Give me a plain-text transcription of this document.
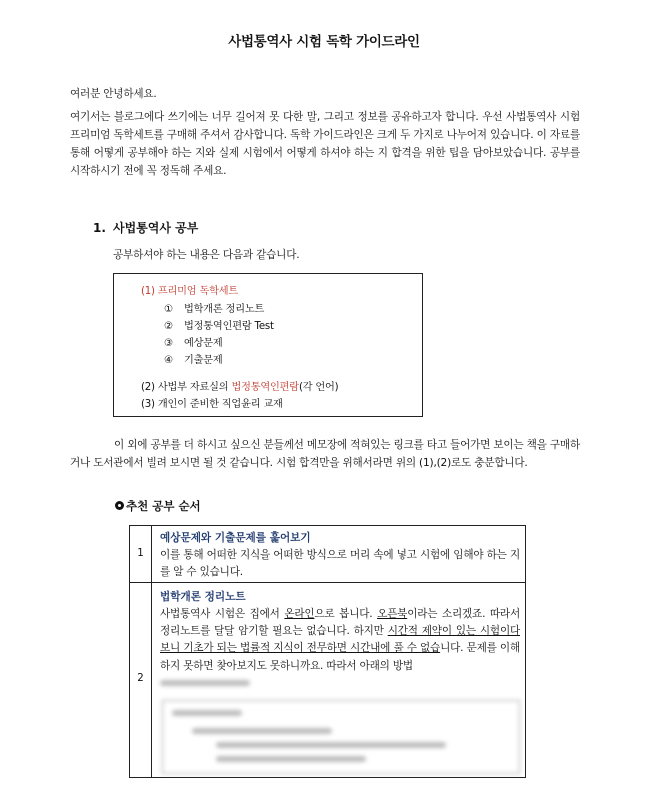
사법통역사 시험 독학 가이드라인
여러분 안녕하세요.
여기서는 블로그에다 쓰기에는 너무 길어져 못 다한 말, 그리고 정보를 공유하고자 합니다. 우선 사법통역사 시험 프리미엄 독학세트를 구매해 주셔서 감사합니다. 독학 가이드라인은 크게 두 가지로 나누어져 있습니다. 이 자료를 통해 어떻게 공부해야 하는 지와 실제 시험에서 어떻게 하셔야 하는 지 합격을 위한 팁을 담아보았습니다. 공부를 시작하시기 전에 꼭 정독해 주세요.
1. 사법통역사 공부
공부하셔야 하는 내용은 다음과 같습니다.
(1) 프리미엄 독학세트
① 법학개론 정리노트
② 법정통역인편람 Test
③ 예상문제
④ 기출문제
(2) 사법부 자료실의 법정통역인편람(각 언어)
(3) 개인이 준비한 직업윤리 교재
이 외에 공부를 더 하시고 싶으신 분들께선 메모장에 적혀있는 링크를 타고 들어가면 보이는 책을 구매하거나 도서관에서 빌려 보시면 될 것 같습니다. 시험 합격만을 위해서라면 위의 (1),(2)로도 충분합니다.
추천 공부 순서
1
예상문제와 기출문제를 훑어보기
이를 통해 어떠한 지식을 어떠한 방식으로 머리 속에 넣고 시험에 임해야 하는 지를 알 수 있습니다.
2
법학개론 정리노트
사법통역사 시험은 집에서 온라인으로 봅니다. 오픈북이라는 소리겠죠. 따라서 정리노트를 달달 암기할 필요는 없습니다. 하지만 시간적 제약이 있는 시험이다 보니 기초가 되는 법률적 지식이 전무하면 시간내에 풀 수 없습니다. 문제를 이해하지 못하면 찾아보지도 못하니까요. 따라서 아래의 방법
